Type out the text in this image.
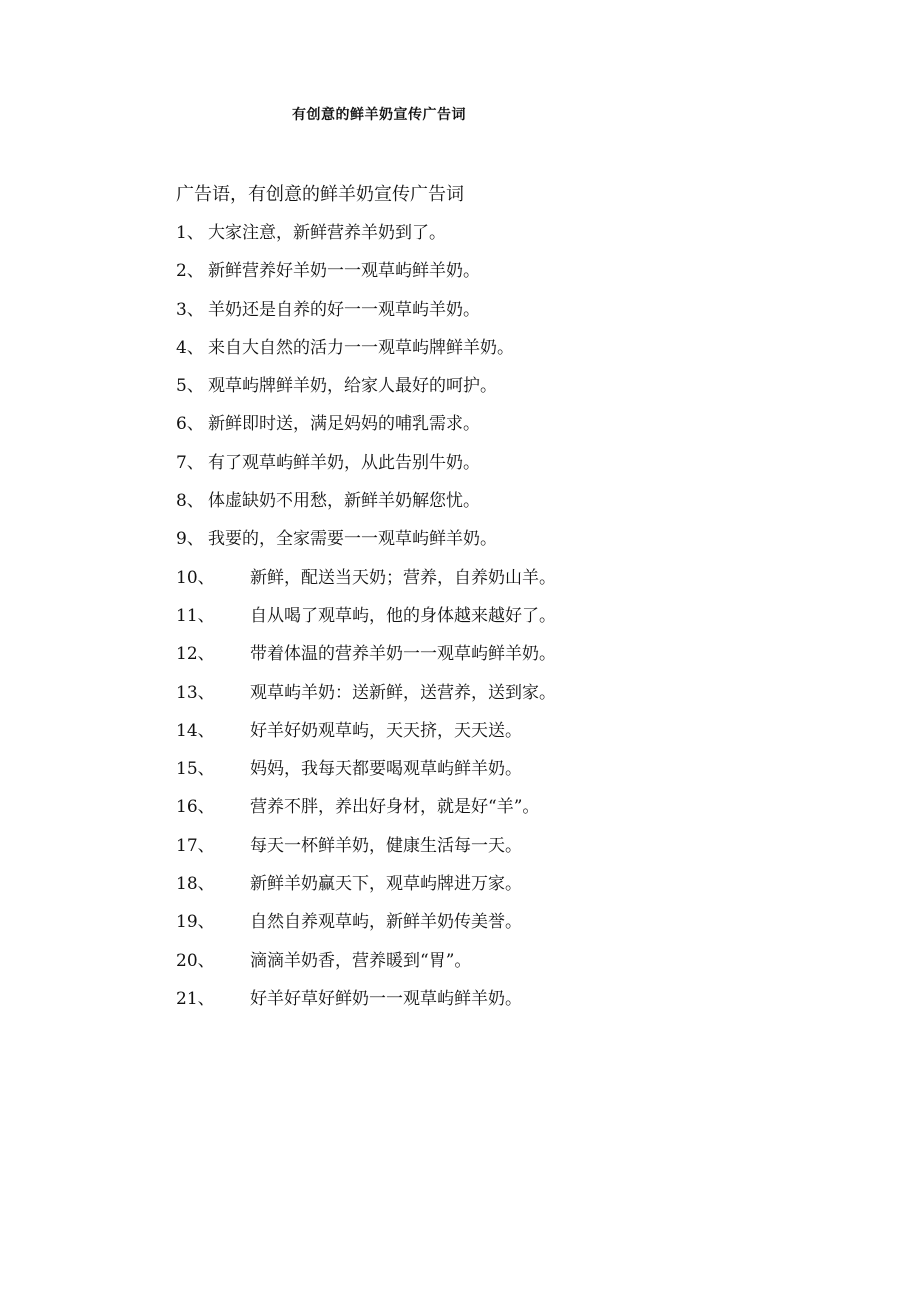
有创意的鲜羊奶宣传广告词
广告语，有创意的鲜羊奶宣传广告词
1、 大家注意，新鲜营养羊奶到了。
2、 新鲜营养好羊奶一一观草屿鲜羊奶。
3、 羊奶还是自养的好一一观草屿羊奶。
4、 来自大自然的活力一一观草屿牌鲜羊奶。
5、 观草屿牌鲜羊奶，给家人最好的呵护。
6、 新鲜即时送，满足妈妈的哺乳需求。
7、 有了观草屿鲜羊奶，从此告别牛奶。
8、 体虚缺奶不用愁，新鲜羊奶解您忧。
9、 我要的，全家需要一一观草屿鲜羊奶。
10、 新鲜，配送当天奶；营养，自养奶山羊。
11、 自从喝了观草屿，他的身体越来越好了。
12、 带着体温的营养羊奶一一观草屿鲜羊奶。
13、 观草屿羊奶：送新鲜，送营养，送到家。
14、 好羊好奶观草屿，天天挤，天天送。
15、 妈妈，我每天都要喝观草屿鲜羊奶。
16、 营养不胖，养出好身材，就是好“羊”。
17、 每天一杯鲜羊奶，健康生活每一天。
18、 新鲜羊奶赢天下，观草屿牌进万家。
19、 自然自养观草屿，新鲜羊奶传美誉。
20、 滴滴羊奶香，营养暖到“胃”。
21、 好羊好草好鲜奶一一观草屿鲜羊奶。
